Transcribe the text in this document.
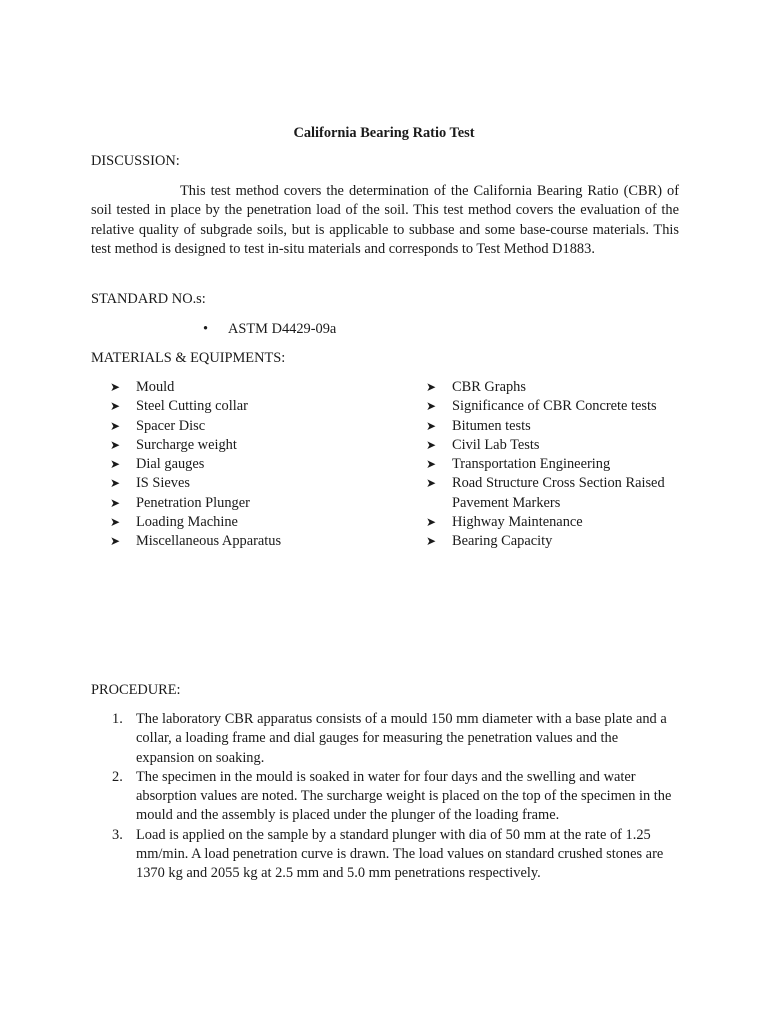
California Bearing Ratio Test
DISCUSSION:
This test method covers the determination of the California Bearing Ratio (CBR) of soil tested in place by the penetration load of the soil. This test method covers the evaluation of the relative quality of subgrade soils, but is applicable to subbase and some base-course materials. This test method is designed to test in-situ materials and corresponds to Test Method D1883.
STANDARD NO.s:
• ASTM D4429-09a
MATERIALS & EQUIPMENTS:
➤ Mould
➤ Steel Cutting collar
➤ Spacer Disc
➤ Surcharge weight
➤ Dial gauges
➤ IS Sieves
➤ Penetration Plunger
➤ Loading Machine
➤ Miscellaneous Apparatus
➤ CBR Graphs
➤ Significance of CBR Concrete tests
➤ Bitumen tests
➤ Civil Lab Tests
➤ Transportation Engineering
➤ Road Structure Cross Section Raised Pavement Markers
➤ Highway Maintenance
➤ Bearing Capacity
PROCEDURE:
1. The laboratory CBR apparatus consists of a mould 150 mm diameter with a base plate and a collar, a loading frame and dial gauges for measuring the penetration values and the expansion on soaking.
2. The specimen in the mould is soaked in water for four days and the swelling and water absorption values are noted. The surcharge weight is placed on the top of the specimen in the mould and the assembly is placed under the plunger of the loading frame.
3. Load is applied on the sample by a standard plunger with dia of 50 mm at the rate of 1.25 mm/min. A load penetration curve is drawn. The load values on standard crushed stones are 1370 kg and 2055 kg at 2.5 mm and 5.0 mm penetrations respectively.
